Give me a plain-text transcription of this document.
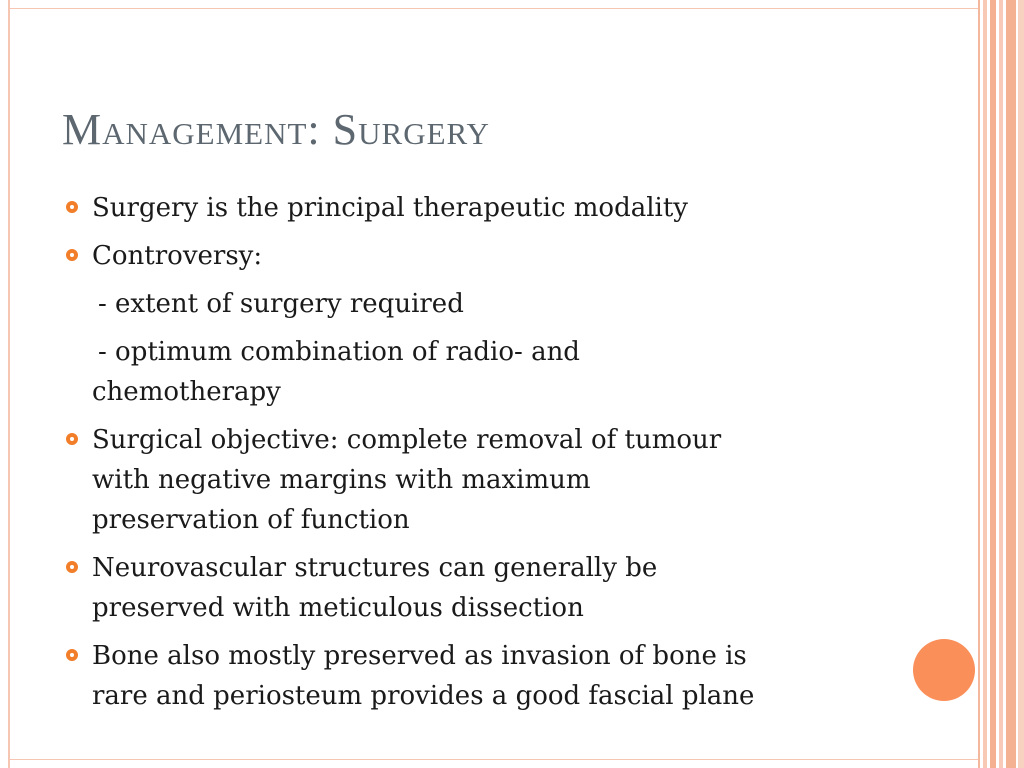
Management: Surgery
Surgery is the principal therapeutic modality
Controversy:
- extent of surgery required
- optimum combination of radio- and
chemotherapy
Surgical objective: complete removal of tumour
with negative margins with maximum
preservation of function
Neurovascular structures can generally be
preserved with meticulous dissection
Bone also mostly preserved as invasion of bone is
rare and periosteum provides a good fascial plane
